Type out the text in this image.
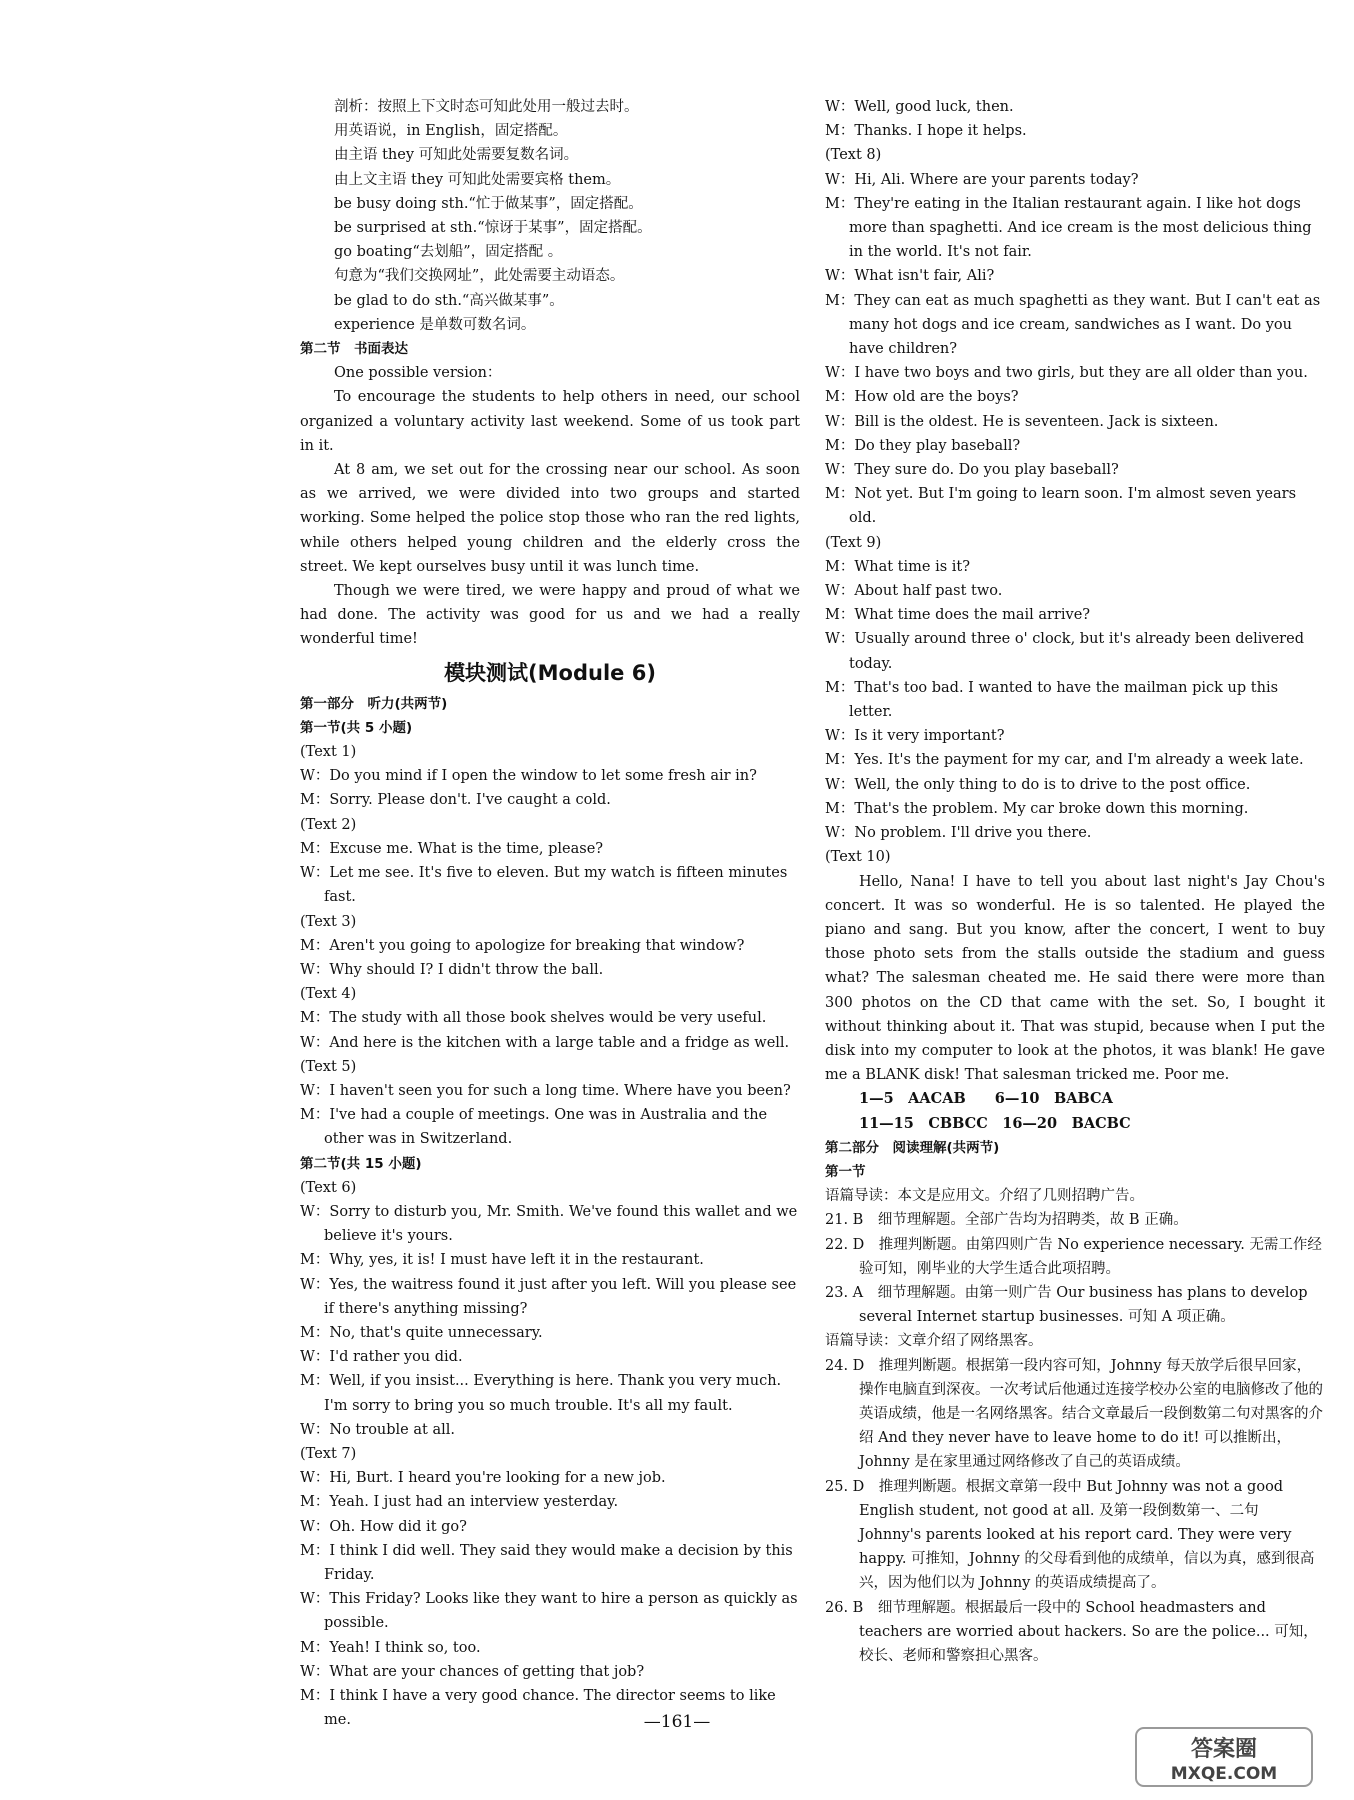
剖析：按照上下文时态可知此处用一般过去时。
用英语说，in English，固定搭配。
由主语 they 可知此处需要复数名词。
由上文主语 they 可知此处需要宾格 them。
be busy doing sth.“忙于做某事”，固定搭配。
be surprised at sth.“惊讶于某事”，固定搭配。
go boating“去划船”，固定搭配 。
句意为“我们交换网址”，此处需要主动语态。
be glad to do sth.“高兴做某事”。
experience 是单数可数名词。
第二节　书面表达
One possible version：
To encourage the students to help others in need, our school organized a voluntary activity last weekend. Some of us took part in it.
At 8 am, we set out for the crossing near our school. As soon as we arrived, we were divided into two groups and started working. Some helped the police stop those who ran the red lights, while others helped young children and the elderly cross the street. We kept ourselves busy until it was lunch time.
Though we were tired, we were happy and proud of what we had done. The activity was good for us and we had a really wonderful time!
模块测试(Module 6)
第一部分　听力(共两节)
第一节(共 5 小题)
(Text 1)
W：Do you mind if I open the window to let some fresh air in?
M：Sorry. Please don't. I've caught a cold.
(Text 2)
M：Excuse me. What is the time, please?
W：Let me see. It's five to eleven. But my watch is fifteen minutes fast.
(Text 3)
M：Aren't you going to apologize for breaking that window?
W：Why should I? I didn't throw the ball.
(Text 4)
M：The study with all those book shelves would be very useful.
W：And here is the kitchen with a large table and a fridge as well.
(Text 5)
W：I haven't seen you for such a long time. Where have you been?
M：I've had a couple of meetings. One was in Australia and the other was in Switzerland.
第二节(共 15 小题)
(Text 6)
W：Sorry to disturb you, Mr. Smith. We've found this wallet and we believe it's yours.
M：Why, yes, it is! I must have left it in the restaurant.
W：Yes, the waitress found it just after you left. Will you please see if there's anything missing?
M：No, that's quite unnecessary.
W：I'd rather you did.
M：Well, if you insist... Everything is here. Thank you very much. I'm sorry to bring you so much trouble. It's all my fault.
W：No trouble at all.
(Text 7)
W：Hi, Burt. I heard you're looking for a new job.
M：Yeah. I just had an interview yesterday.
W：Oh. How did it go?
M：I think I did well. They said they would make a decision by this Friday.
W：This Friday? Looks like they want to hire a person as quickly as possible.
M：Yeah! I think so, too.
W：What are your chances of getting that job?
M：I think I have a very good chance. The director seems to like me.
W：Well, good luck, then.
M：Thanks. I hope it helps.
(Text 8)
W：Hi, Ali. Where are your parents today?
M：They're eating in the Italian restaurant again. I like hot dogs more than spaghetti. And ice cream is the most delicious thing in the world. It's not fair.
W：What isn't fair, Ali?
M：They can eat as much spaghetti as they want. But I can't eat as many hot dogs and ice cream, sandwiches as I want. Do you have children?
W：I have two boys and two girls, but they are all older than you.
M：How old are the boys?
W：Bill is the oldest. He is seventeen. Jack is sixteen.
M：Do they play baseball?
W：They sure do. Do you play baseball?
M：Not yet. But I'm going to learn soon. I'm almost seven years old.
(Text 9)
M：What time is it?
W：About half past two.
M：What time does the mail arrive?
W：Usually around three o' clock, but it's already been delivered today.
M：That's too bad. I wanted to have the mailman pick up this letter.
W：Is it very important?
M：Yes. It's the payment for my car, and I'm already a week late.
W：Well, the only thing to do is to drive to the post office.
M：That's the problem. My car broke down this morning.
W：No problem. I'll drive you there.
(Text 10)
Hello, Nana! I have to tell you about last night's Jay Chou's concert. It was so wonderful. He is so talented. He played the piano and sang. But you know, after the concert, I went to buy those photo sets from the stalls outside the stadium and guess what? The salesman cheated me. He said there were more than 300 photos on the CD that came with the set. So, I bought it without thinking about it. That was stupid, because when I put the disk into my computer to look at the photos, it was blank! He gave me a BLANK disk! That salesman tricked me. Poor me.
1—5　AACAB　　6—10　BABCA
11—15　CBBCC　16—20　BACBC
第二部分　阅读理解(共两节)
第一节
语篇导读：本文是应用文。介绍了几则招聘广告。
21. B　细节理解题。全部广告均为招聘类，故 B 正确。
22. D　推理判断题。由第四则广告 No experience necessary. 无需工作经验可知，刚毕业的大学生适合此项招聘。
23. A　细节理解题。由第一则广告 Our business has plans to develop several Internet startup businesses. 可知 A 项正确。
语篇导读：文章介绍了网络黑客。
24. D　推理判断题。根据第一段内容可知，Johnny 每天放学后很早回家，操作电脑直到深夜。一次考试后他通过连接学校办公室的电脑修改了他的英语成绩，他是一名网络黑客。结合文章最后一段倒数第二句对黑客的介绍 And they never have to leave home to do it! 可以推断出，Johnny 是在家里通过网络修改了自己的英语成绩。
25. D　推理判断题。根据文章第一段中 But Johnny was not a good English student, not good at all. 及第一段倒数第一、二句 Johnny's parents looked at his report card. They were very happy. 可推知，Johnny 的父母看到他的成绩单，信以为真，感到很高兴，因为他们以为 Johnny 的英语成绩提高了。
26. B　细节理解题。根据最后一段中的 School headmasters and teachers are worried about hackers. So are the police... 可知，校长、老师和警察担心黑客。
—161—
答案圈
MXQE.COM
